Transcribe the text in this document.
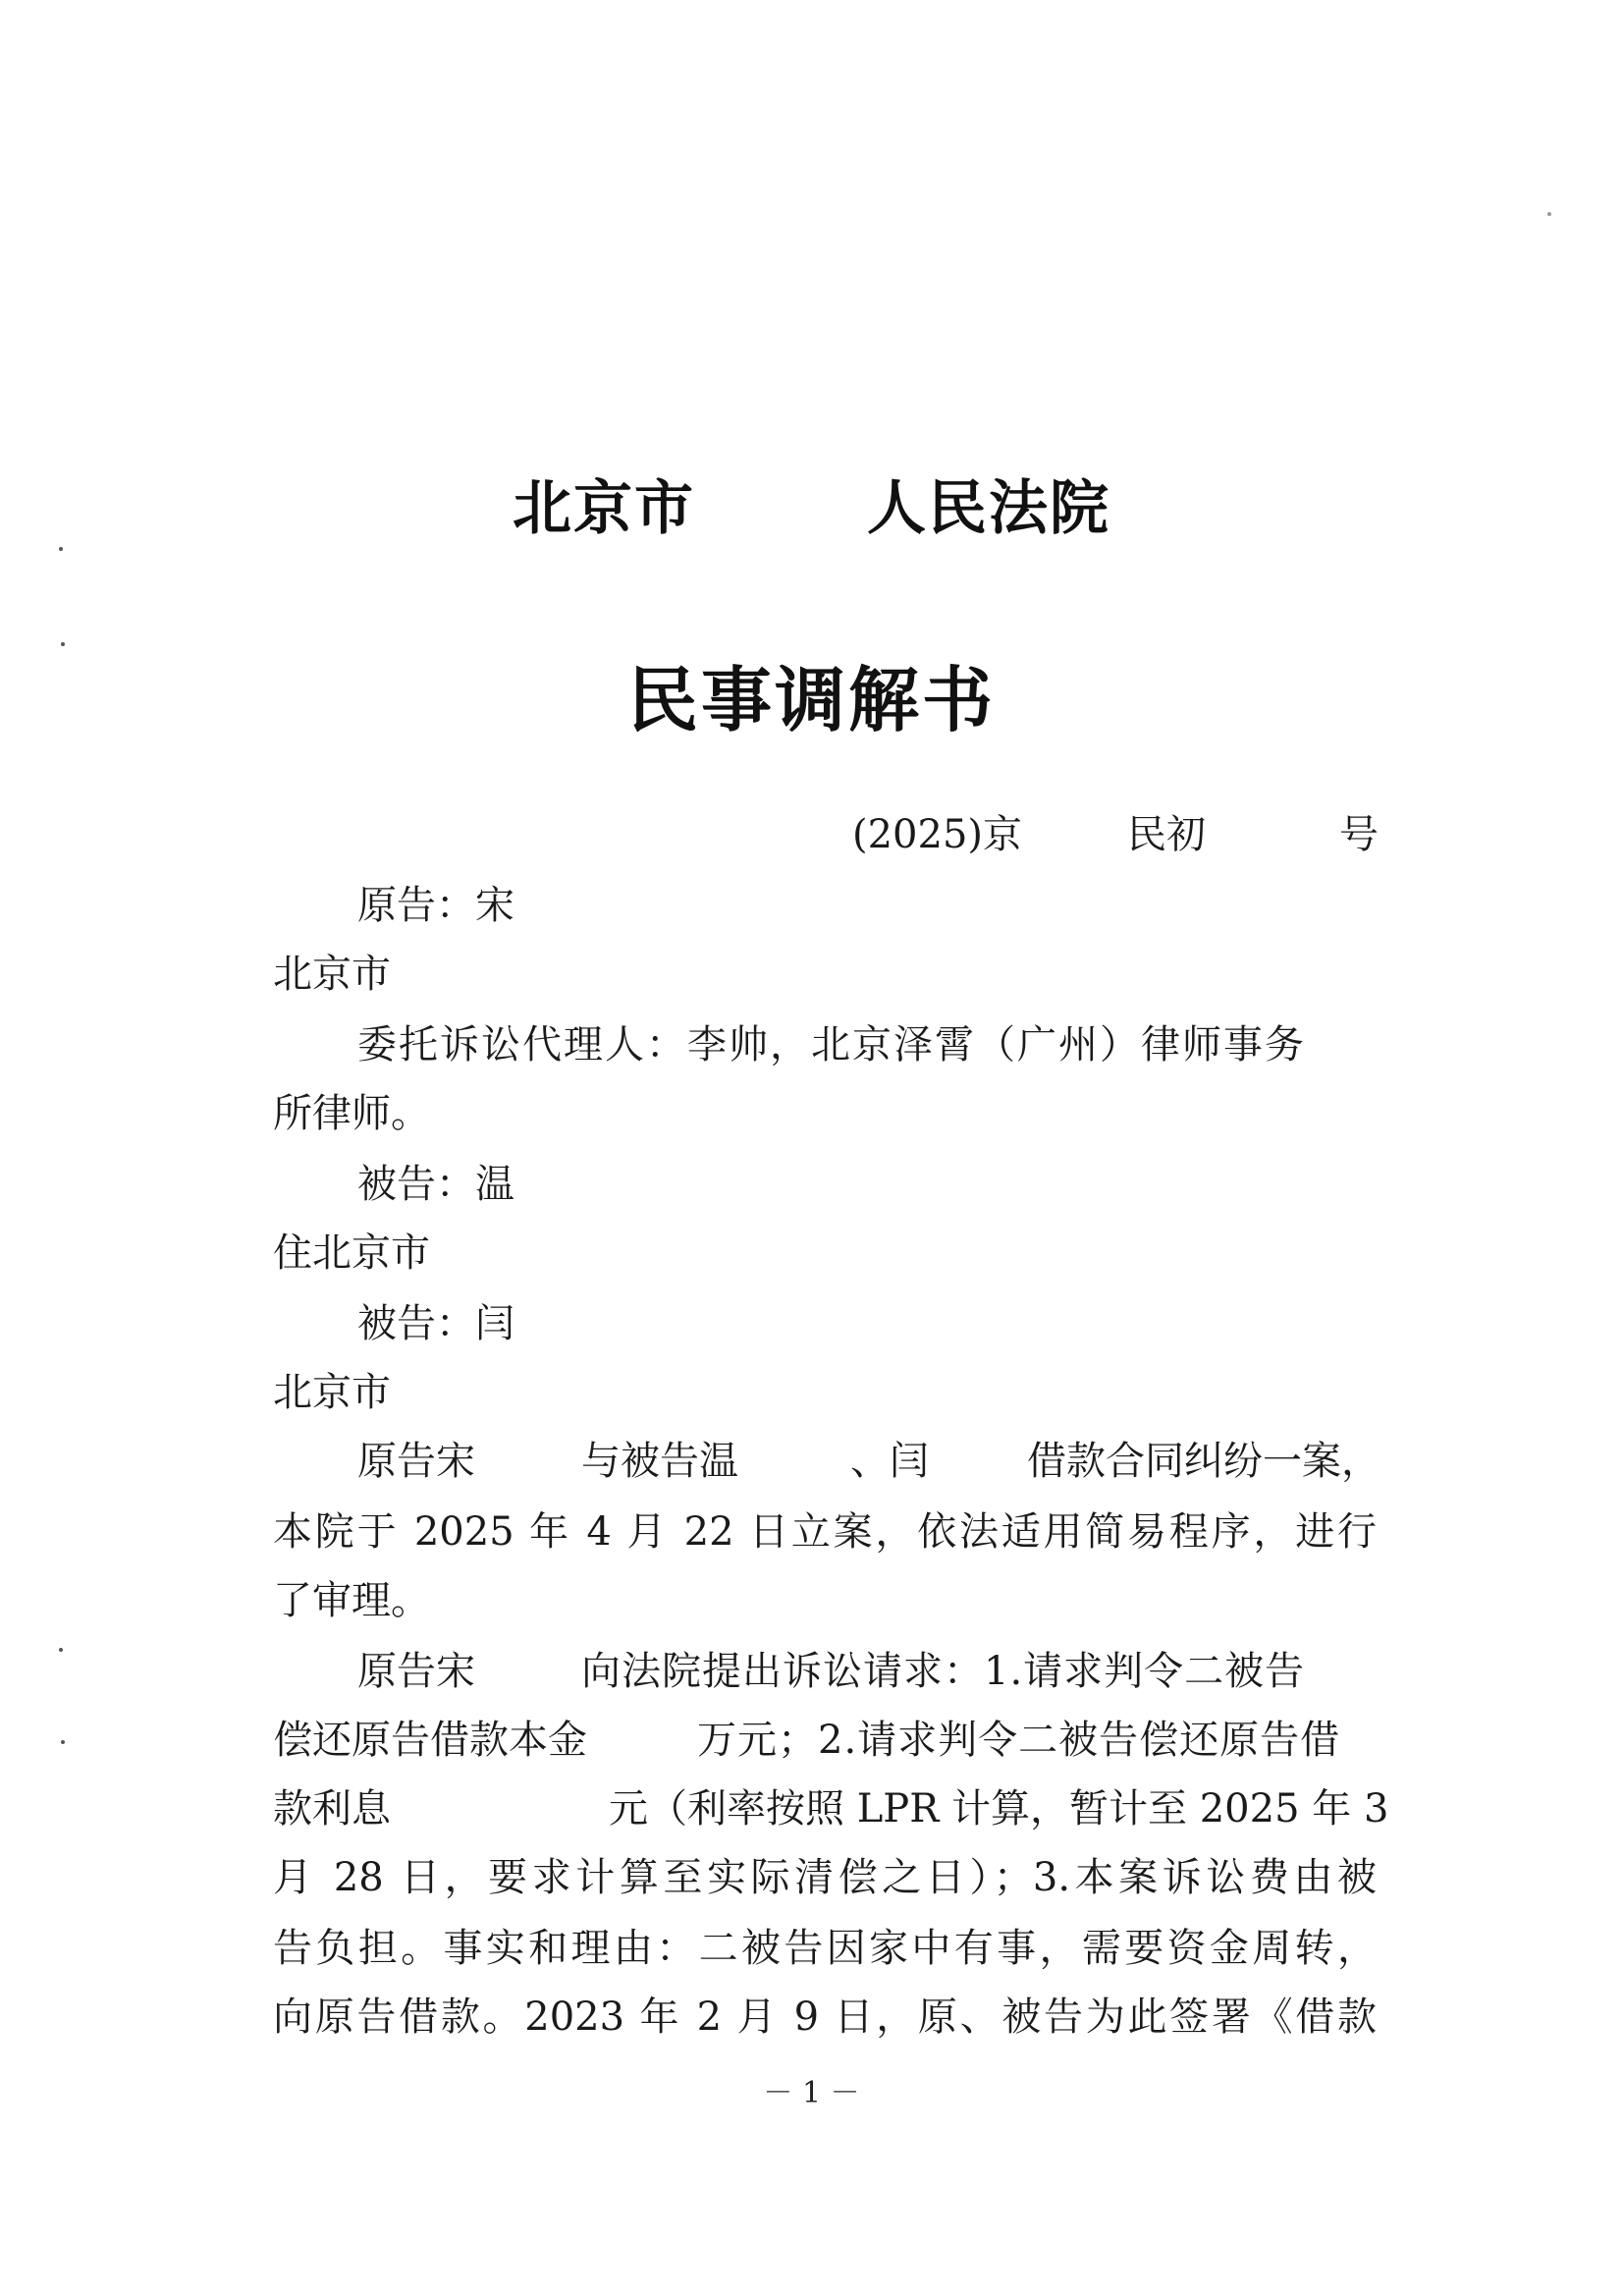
北京市	人民法院
民事调解书
(2025)京	民初	号
原告：宋
北京市
委托诉讼代理人：李帅，北京泽霄（广州）律师事务
所律师。
被告：温
住北京市
被告：闫
北京市
原告宋	与被告温	、闫	借款合同纠纷一案，
本院于 2025 年 4 月 22 日立案，依法适用简易程序，进行
了审理。
原告宋	向法院提出诉讼请求：1.请求判令二被告
偿还原告借款本金	万元；2.请求判令二被告偿还原告借
款利息	元（利率按照 LPR 计算，暂计至 2025 年 3
月 28 日，要求计算至实际清偿之日）；3.本案诉讼费由被
告负担。事实和理由：二被告因家中有事，需要资金周转，
向原告借款。2023 年 2 月 9 日，原、被告为此签署《借款
－ 1 －
